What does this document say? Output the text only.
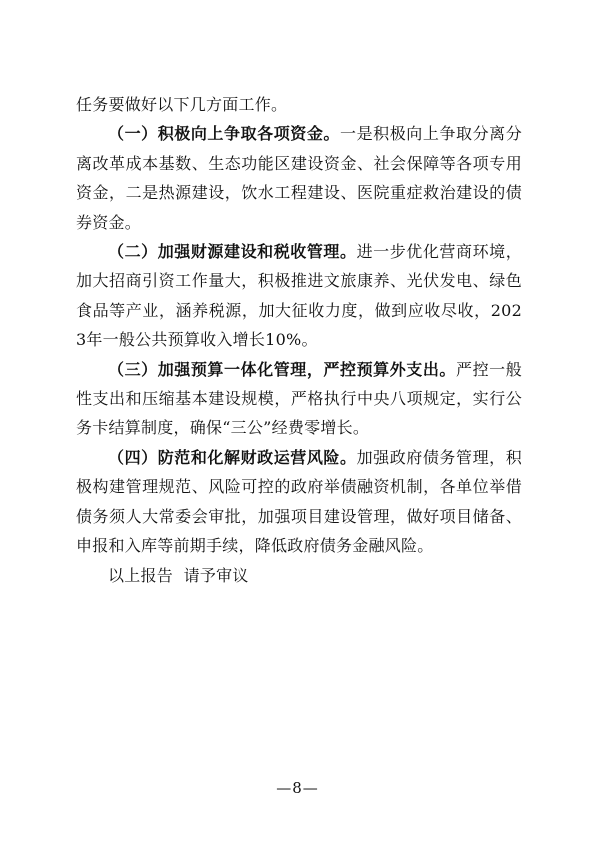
任务要做好以下几方面工作。

（一）积极向上争取各项资金。一是积极向上争取分离分离改革成本基数、生态功能区建设资金、社会保障等各项专用资金，二是热源建设，饮水工程建设、医院重症救治建设的债券资金。

（二）加强财源建设和税收管理。进一步优化营商环境，加大招商引资工作量大，积极推进文旅康养、光伏发电、绿色食品等产业，涵养税源，加大征收力度，做到应收尽收，2023年一般公共预算收入增长10%。

（三）加强预算一体化管理，严控预算外支出。严控一般性支出和压缩基本建设规模，严格执行中央八项规定，实行公务卡结算制度，确保“三公”经费零增长。

（四）防范和化解财政运营风险。加强政府债务管理，积极构建管理规范、风险可控的政府举债融资机制，各单位举借债务须人大常委会审批，加强项目建设管理，做好项目储备、申报和入库等前期手续，降低政府债务金融风险。

以上报告  请予审议

—8—
